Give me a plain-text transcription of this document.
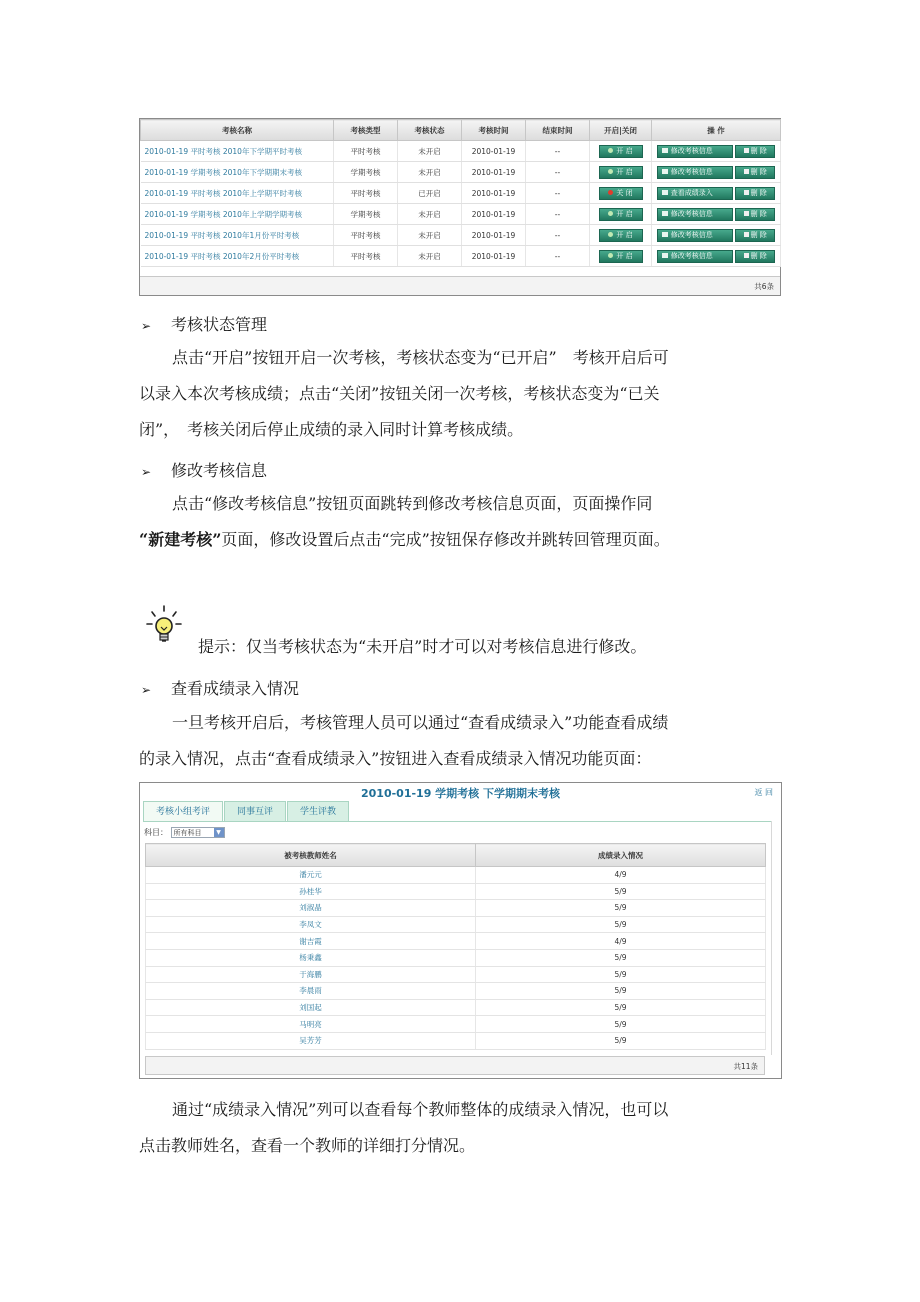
考核名称	考核类型	考核状态	考核时间	结束时间	开启|关闭	操 作
2010-01-19 平时考核 2010年下学期平时考核	平时考核	未开启	2010-01-19	--	开 启	修改考核信息 删 除
2010-01-19 学期考核 2010年下学期期末考核	学期考核	未开启	2010-01-19	--	开 启	修改考核信息 删 除
2010-01-19 平时考核 2010年上学期平时考核	平时考核	已开启	2010-01-19	--	关 闭	查看成绩录入 删 除
2010-01-19 学期考核 2010年上学期学期考核	学期考核	未开启	2010-01-19	--	开 启	修改考核信息 删 除
2010-01-19 平时考核 2010年1月份平时考核	平时考核	未开启	2010-01-19	--	开 启	修改考核信息 删 除
2010-01-19 平时考核 2010年2月份平时考核	平时考核	未开启	2010-01-19	--	开 启	修改考核信息 删 除
共6条
➢ 考核状态管理
点击“开启”按钮开启一次考核，考核状态变为“已开启”　考核开启后可
以录入本次考核成绩；点击“关闭”按钮关闭一次考核，考核状态变为“已关
闭”，　考核关闭后停止成绩的录入同时计算考核成绩。
➢ 修改考核信息
点击“修改考核信息”按钮页面跳转到修改考核信息页面，页面操作同
“新建考核”页面，修改设置后点击“完成”按钮保存修改并跳转回管理页面。
提示：仅当考核状态为“未开启”时才可以对考核信息进行修改。
➢ 查看成绩录入情况
一旦考核开启后，考核管理人员可以通过“查看成绩录入”功能查看成绩
的录入情况，点击“查看成绩录入”按钮进入查看成绩录入情况功能页面：
2010-01-19 学期考核 下学期期末考核	返 回
考核小组考评	同事互评	学生评教
科目： 所有科目	▼
被考核教师姓名	成绩录入情况
潘元元	4/9
孙桂华	5/9
刘淑晶	5/9
李凤文	5/9
谢吉霞	4/9
杨秉鑫	5/9
于海鹏	5/9
李晨雨	5/9
刘国起	5/9
马明亮	5/9
吴芳芳	5/9
共11条
通过“成绩录入情况”列可以查看每个教师整体的成绩录入情况，也可以
点击教师姓名，查看一个教师的详细打分情况。
